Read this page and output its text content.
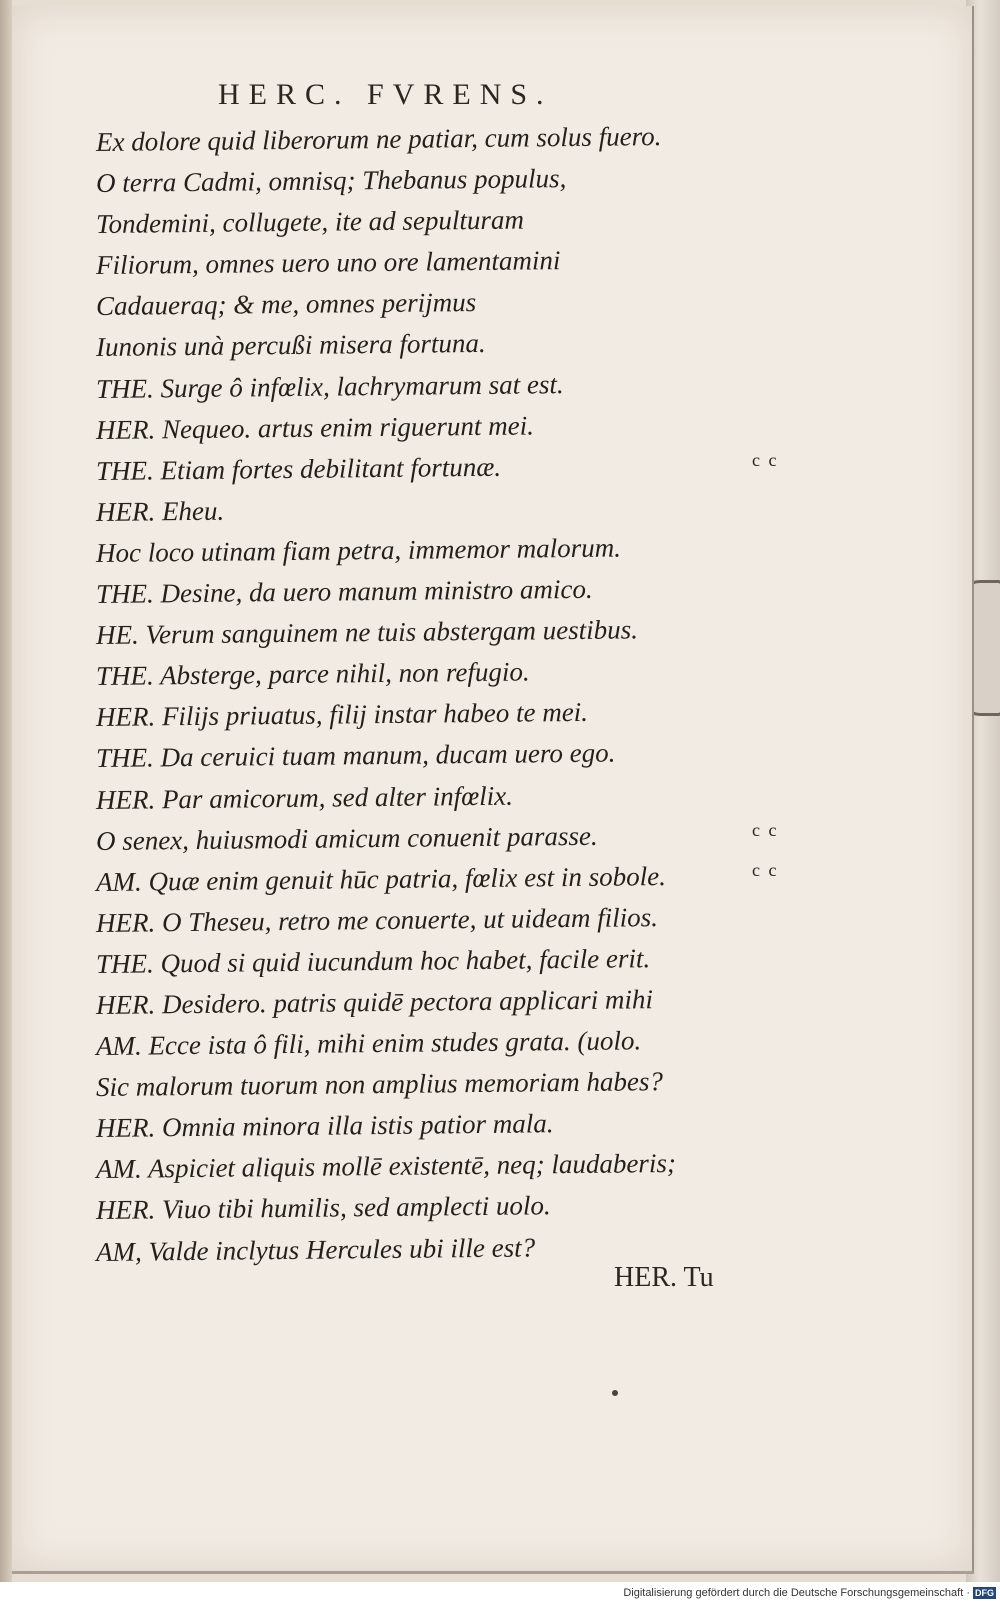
HERC. FVRENS.
Ex dolore quid liberorum ne patiar, cum solus fuero.
O terra Cadmi, omnisq; Thebanus populus,
Tondemini, collugete, ite ad sepulturam
Filiorum, omnes uero uno ore lamentamini
Cadaueraq; & me, omnes perijmus
Iunonis unà percußi misera fortuna.
THE. Surge ô infœlix, lachrymarum sat est.
HER. Nequeo. artus enim riguerunt mei.
THE. Etiam fortes debilitant fortunæ.
HER. Eheu.
Hoc loco utinam fiam petra, immemor malorum.
THE. Desine, da uero manum ministro amico.
HE. Verum sanguinem ne tuis abstergam uestibus.
THE. Absterge, parce nihil, non refugio.
HER. Filijs priuatus, filij instar habeo te mei.
THE. Da ceruici tuam manum, ducam uero ego.
HER. Par amicorum, sed alter infœlix.
O senex, huiusmodi amicum conuenit parasse.
AM. Quæ enim genuit hūc patria, fœlix est in sobole.
HER. O Theseu, retro me conuerte, ut uideam filios.
THE. Quod si quid iucundum hoc habet, facile erit.
HER. Desidero. patris quidē pectora applicari mihi
AM. Ecce ista ô fili, mihi enim studes grata. (uolo.
Sic malorum tuorum non amplius memoriam habes?
HER. Omnia minora illa istis patior mala.
AM. Aspiciet aliquis mollē existentē, neq; laudaberis;
HER. Viuo tibi humilis, sed amplecti uolo.
AM, Valde inclytus Hercules ubi ille est?
c c
c c
c c
HER. Tu
Digitalisierung gefördert durch die Deutsche Forschungsgemeinschaft · DFG
